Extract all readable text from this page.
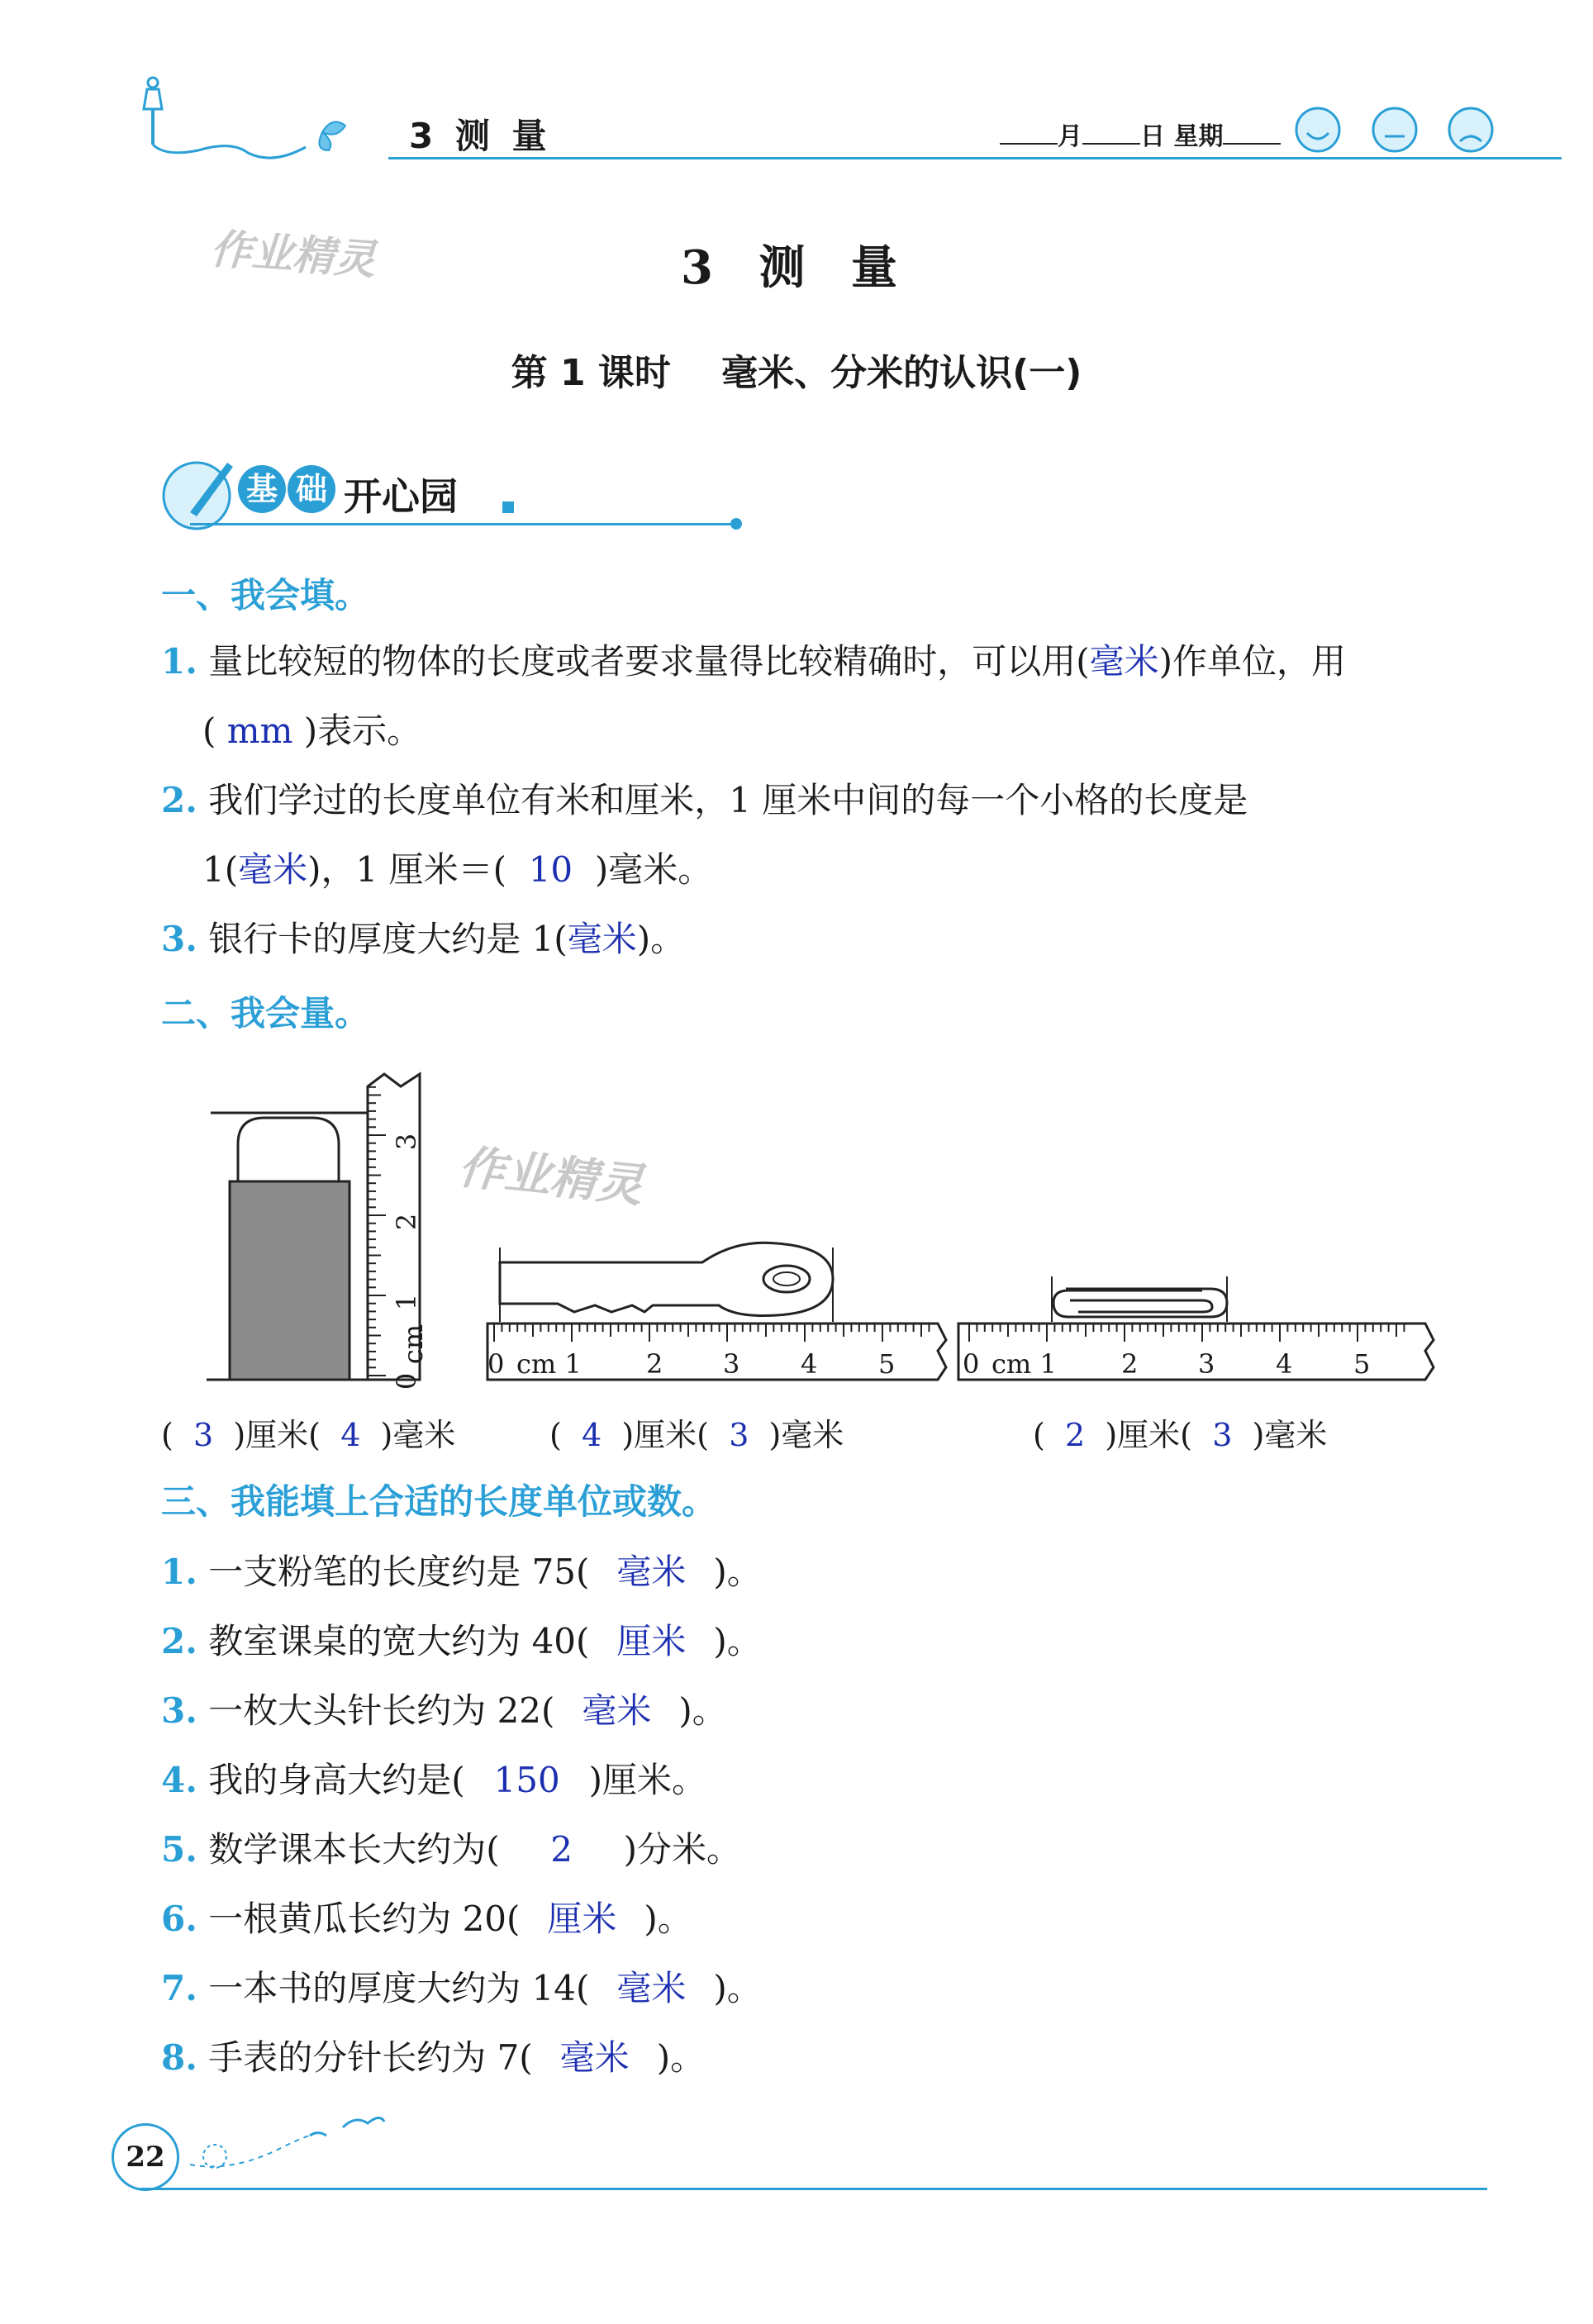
3 测 量	月 日 星期
作业精灵	3 测 量
第 1 课时    毫米、分米的认识(一)
基 础 开心园
一、我会填。
1. 量比较短的物体的长度或者要求量得比较精确时，可以用(毫米)作单位，用
( mm )表示。
2. 我们学过的长度单位有米和厘米，1 厘米中间的每一个小格的长度是
1(毫米)，1 厘米＝( 10 )毫米。
3. 银行卡的厚度大约是 1(毫米)。
二、我会量。
cm
1
2
3
0
作业精灵
0 cm 1 2 3 4 5	0 cm 1 2 3 4 5
( 3 )厘米( 4 )毫米	( 4 )厘米( 3 )毫米	( 2 )厘米( 3 )毫米
三、我能填上合适的长度单位或数。
1. 一支粉笔的长度约是 75( 毫米 )。
2. 教室课桌的宽大约为 40( 厘米 )。
3. 一枚大头针长约为 22( 毫米 )。
4. 我的身高大约是( 150 )厘米。
5. 数学课本长大约为( 2 )分米。
6. 一根黄瓜长约为 20( 厘米 )。
7. 一本书的厚度大约为 14( 毫米 )。
8. 手表的分针长约为 7( 毫米 )。
22
